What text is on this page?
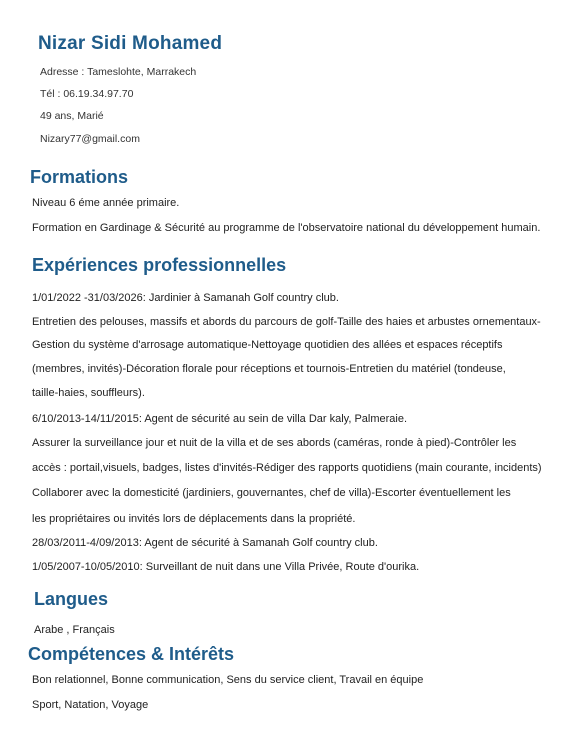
Nizar Sidi Mohamed
Adresse : Tameslohte, Marrakech
Tél : 06.19.34.97.70
49 ans, Marié
Nizary77@gmail.com
Formations
Niveau 6 éme année primaire.
Formation en Gardinage & Sécurité au programme de l'observatoire national du développement humain.
Expériences professionnelles
1/01/2022 -31/03/2026: Jardinier à Samanah Golf country club.
Entretien des pelouses, massifs et abords du parcours de golf-Taille des haies et arbustes ornementaux-
Gestion du système d'arrosage automatique-Nettoyage quotidien des allées et espaces réceptifs
(membres, invités)-Décoration florale pour réceptions et tournois-Entretien du matériel (tondeuse,
taille-haies, souffleurs).
6/10/2013-14/11/2015: Agent de sécurité au sein de villa Dar kaly, Palmeraie.
Assurer la surveillance jour et nuit de la villa et de ses abords (caméras, ronde à pied)-Contrôler les
accès : portail,visuels, badges, listes d'invités-Rédiger des rapports quotidiens (main courante, incidents)
Collaborer avec la domesticité (jardiniers, gouvernantes, chef de villa)-Escorter éventuellement les
les propriétaires ou invités lors de déplacements dans la propriété.
28/03/2011-4/09/2013: Agent de sécurité à Samanah Golf country club.
1/05/2007-10/05/2010: Surveillant de nuit dans une Villa Privée, Route d'ourika.
Langues
Arabe , Français
Compétences & Intérêts
Bon relationnel, Bonne communication, Sens du service client, Travail en équipe
Sport, Natation, Voyage
